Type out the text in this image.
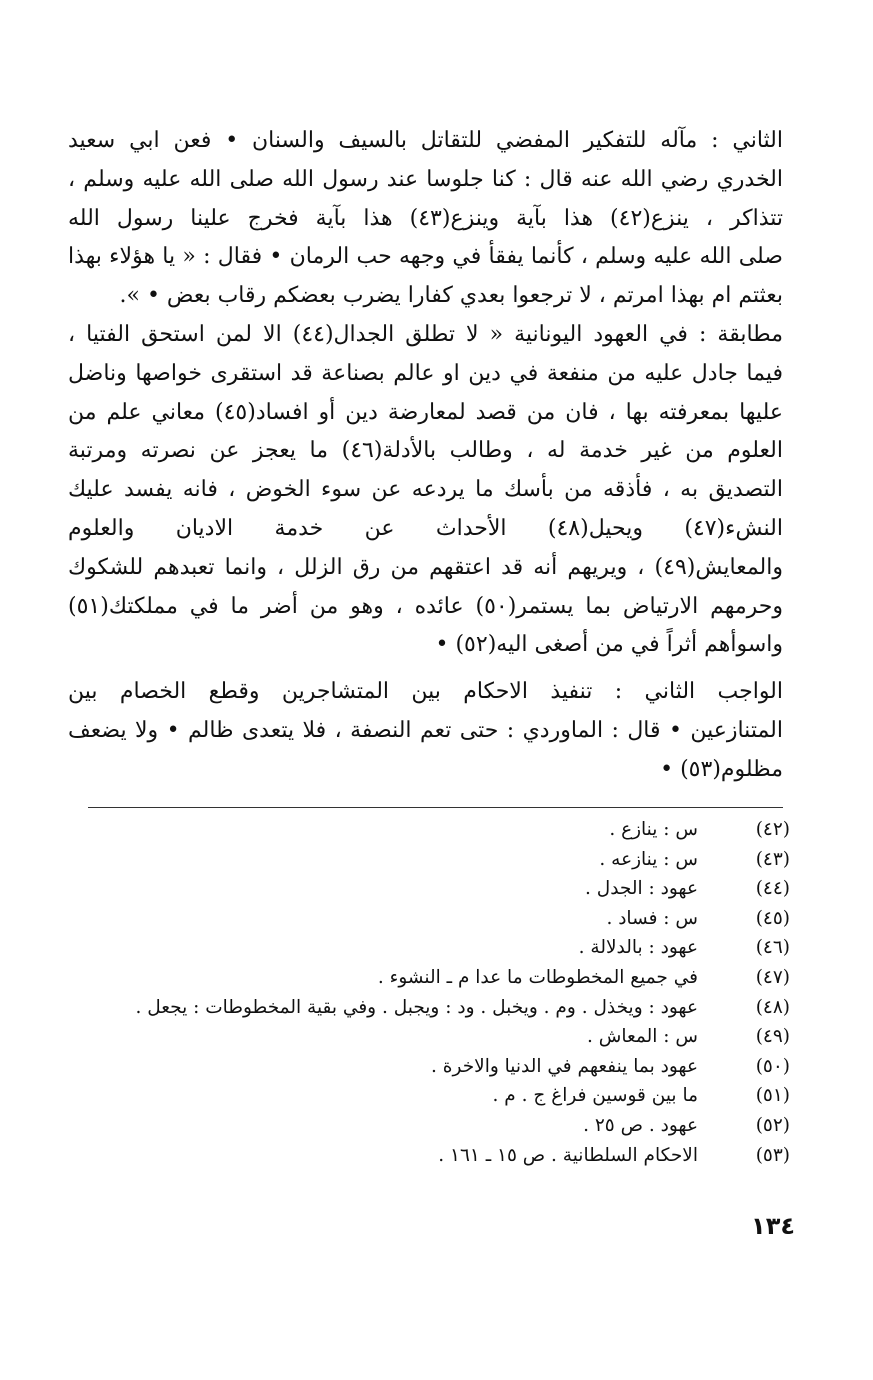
الثاني : مآله للتفكير المفضي للتقاتل بالسيف والسنان • فعن ابي سعيد
الخدري رضي الله عنه قال : كنا جلوسا عند رسول الله صلى الله عليه وسلم ،
تتذاكر ، ينزع(٤٢) هذا بآية وينزع(٤٣) هذا بآية فخرج علينا رسول الله
صلى الله عليه وسلم ، كأنما يفقأ في وجهه حب الرمان • فقال : « يا هؤلاء بهذا
بعثتم ام بهذا امرتم ، لا ترجعوا بعدي كفارا يضرب بعضكم رقاب بعض • ».
مطابقة : في العهود اليونانية « لا تطلق الجدال(٤٤) الا لمن استحق الفتيا ،
فيما جادل عليه من منفعة في دين او عالم بصناعة قد استقرى خواصها وناضل
عليها بمعرفته بها ، فان من قصد لمعارضة دين أو افساد(٤٥) معاني علم من
العلوم من غير خدمة له ، وطالب بالأدلة(٤٦) ما يعجز عن نصرته ومرتبة
التصديق به ، فأذقه من بأسك ما يردعه عن سوء الخوض ، فانه يفسد عليك
النشء(٤٧) ويحيل(٤٨) الأحداث عن خدمة الاديان والعلوم
والمعايش(٤٩) ، ويريهم أنه قد اعتقهم من رق الزلل ، وانما تعبدهم للشكوك
وحرمهم الارتياض بما يستمر(٥٠) عائده ، وهو من أضر ما في مملكتك(٥١)
واسوأهم أثراً في من أصغى اليه(٥٢) •
الواجب الثاني : تنفيذ الاحكام بين المتشاجرين وقطع الخصام بين
المتنازعين • قال : الماوردي : حتى تعم النصفة ، فلا يتعدى ظالم • ولا يضعف
مظلوم(٥٣) •
(٤٢)
س : ينازع .
(٤٣)
س : ينازعه .
(٤٤)
عهود : الجدل .
(٤٥)
س : فساد .
(٤٦)
عهود : بالدلالة .
(٤٧)
في جميع المخطوطات ما عدا م ـ النشوء .
(٤٨)
عهود : ويخذل . وم . ويخبل . ود : ويجبل . وفي بقية المخطوطات : يجعل .
(٤٩)
س : المعاش .
(٥٠)
عهود بما ينفعهم في الدنيا والاخرة .
(٥١)
ما بين قوسين فراغ ج . م .
(٥٢)
عهود . ص ٢٥ .
(٥٣)
الاحكام السلطانية . ص ١٥ ـ ١٦١ .
١٣٤
